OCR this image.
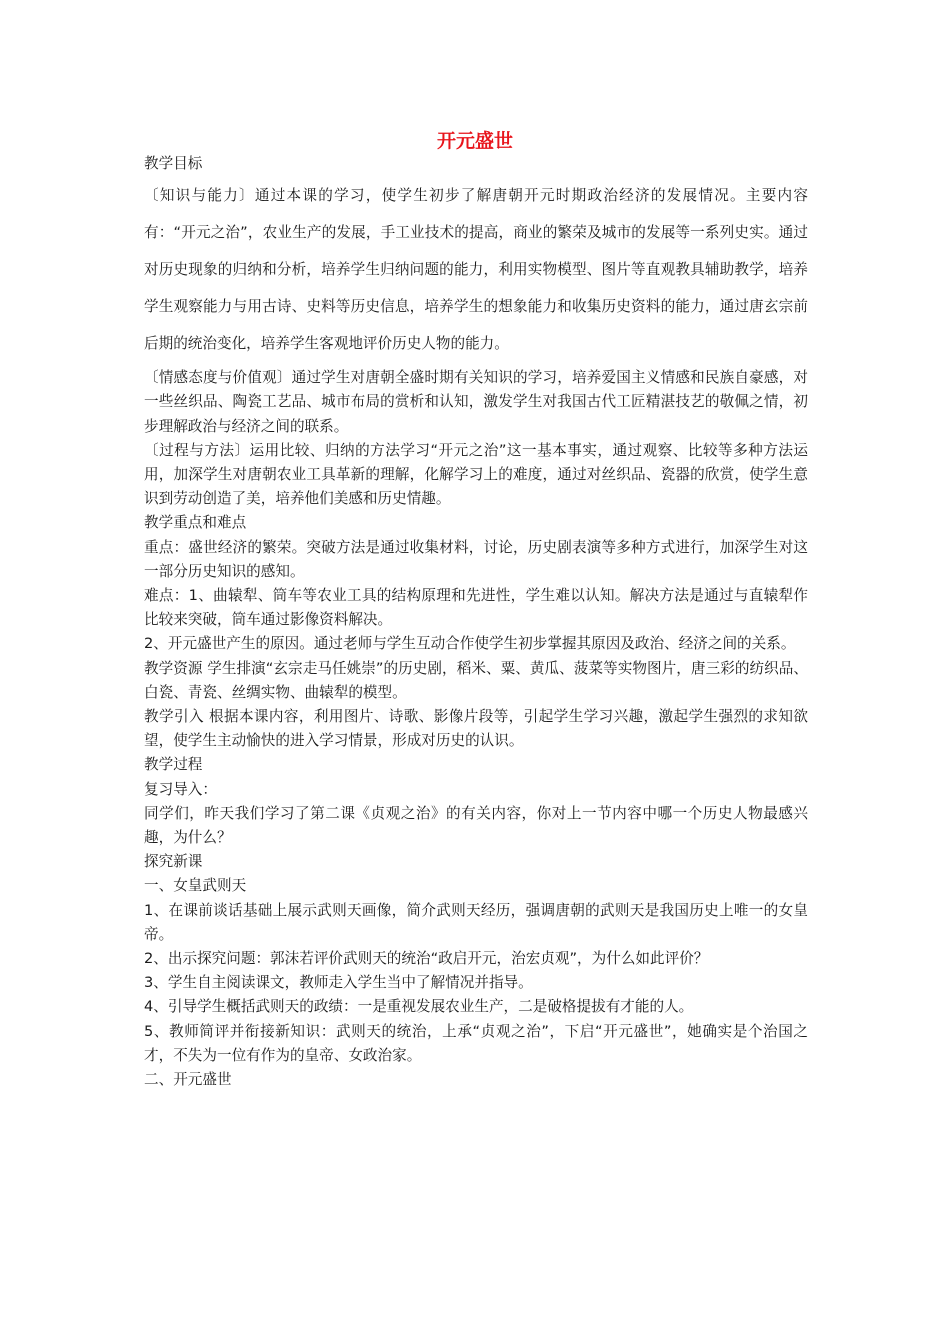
开元盛世

教学目标

〔知识与能力〕通过本课的学习，使学生初步了解唐朝开元时期政治经济的发展情况。主要内容有：“开元之治”，农业生产的发展，手工业技术的提高，商业的繁荣及城市的发展等一系列史实。通过对历史现象的归纳和分析，培养学生归纳问题的能力，利用实物模型、图片等直观教具辅助教学，培养学生观察能力与用古诗、史料等历史信息，培养学生的想象能力和收集历史资料的能力，通过唐玄宗前后期的统治变化，培养学生客观地评价历史人物的能力。

〔情感态度与价值观〕通过学生对唐朝全盛时期有关知识的学习，培养爱国主义情感和民族自豪感，对一些丝织品、陶瓷工艺品、城市布局的赏析和认知，激发学生对我国古代工匠精湛技艺的敬佩之情，初步理解政治与经济之间的联系。

〔过程与方法〕运用比较、归纳的方法学习“开元之治”这一基本事实，通过观察、比较等多种方法运用，加深学生对唐朝农业工具革新的理解，化解学习上的难度，通过对丝织品、瓷器的欣赏，使学生意识到劳动创造了美，培养他们美感和历史情趣。

教学重点和难点

重点：盛世经济的繁荣。突破方法是通过收集材料，讨论，历史剧表演等多种方式进行，加深学生对这一部分历史知识的感知。

难点：1、曲辕犁、筒车等农业工具的结构原理和先进性，学生难以认知。解决方法是通过与直辕犁作比较来突破，筒车通过影像资料解决。

2、开元盛世产生的原因。通过老师与学生互动合作使学生初步掌握其原因及政治、经济之间的关系。

教学资源 学生排演“玄宗走马任姚崇”的历史剧，稻米、粟、黄瓜、菠菜等实物图片，唐三彩的纺织品、白瓷、青瓷、丝绸实物、曲辕犁的模型。

教学引入 根据本课内容，利用图片、诗歌、影像片段等，引起学生学习兴趣，激起学生强烈的求知欲望，使学生主动愉快的进入学习情景，形成对历史的认识。

教学过程

复习导入：

同学们，昨天我们学习了第二课《贞观之治》的有关内容，你对上一节内容中哪一个历史人物最感兴趣，为什么？

探究新课

一、女皇武则天

1、在课前谈话基础上展示武则天画像，简介武则天经历，强调唐朝的武则天是我国历史上唯一的女皇帝。

2、出示探究问题：郭沫若评价武则天的统治“政启开元，治宏贞观”，为什么如此评价？

3、学生自主阅读课文，教师走入学生当中了解情况并指导。

4、引导学生概括武则天的政绩：一是重视发展农业生产，二是破格提拔有才能的人。

5、教师简评并衔接新知识：武则天的统治，上承“贞观之治”，下启“开元盛世”，她确实是个治国之才，不失为一位有作为的皇帝、女政治家。

二、开元盛世
